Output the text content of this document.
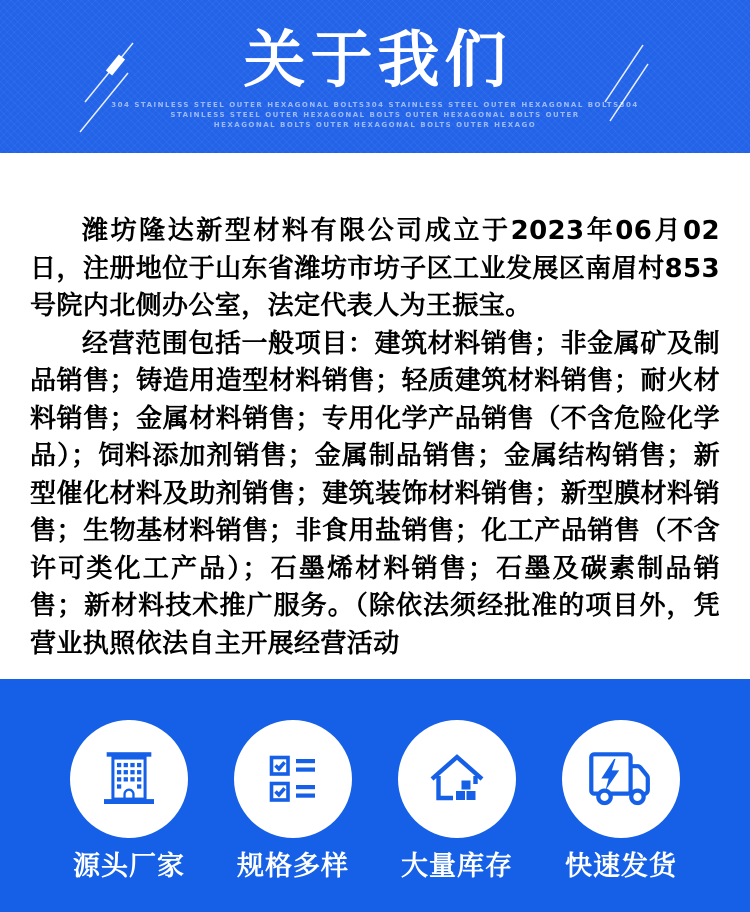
关于我们
304 STAINLESS STEEL OUTER HEXAGONAL BOLTS304 STAINLESS STEEL OUTER HEXAGONAL BOLTS304
STAINLESS STEEL OUTER HEXAGONAL BOLTS OUTER HEXAGONAL BOLTS OUTER
HEXAGONAL BOLTS OUTER HEXAGONAL BOLTS OUTER HEXAGO

潍坊隆达新型材料有限公司成立于2023年06月02日，注册地位于山东省潍坊市坊子区工业发展区南眉村853号院内北侧办公室，法定代表人为王振宝。

经营范围包括一般项目：建筑材料销售；非金属矿及制品销售；铸造用造型材料销售；轻质建筑材料销售；耐火材料销售；金属材料销售；专用化学产品销售（不含危险化学品）；饲料添加剂销售；金属制品销售；金属结构销售；新型催化材料及助剂销售；建筑装饰材料销售；新型膜材料销售；生物基材料销售；非食用盐销售；化工产品销售（不含许可类化工产品）；石墨烯材料销售；石墨及碳素制品销售；新材料技术推广服务。（除依法须经批准的项目外，凭营业执照依法自主开展经营活动

源头厂家 规格多样 大量库存 快速发货
